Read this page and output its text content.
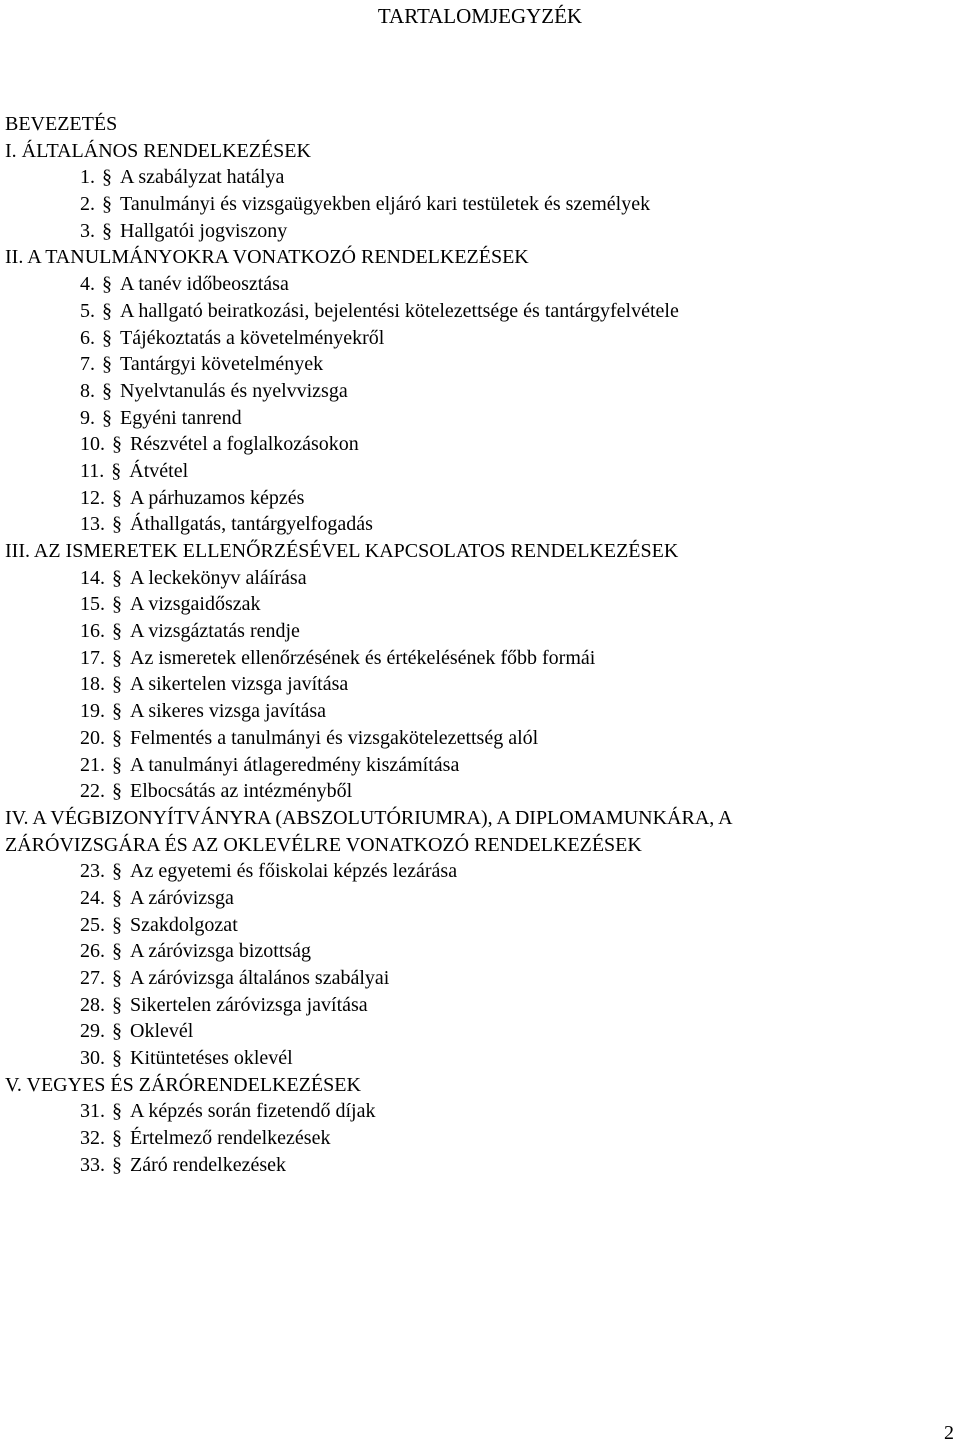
TARTALOMJEGYZÉK
BEVEZETÉS
I. ÁLTALÁNOS RENDELKEZÉSEK
1. § A szabályzat hatálya
2. § Tanulmányi és vizsgaügyekben eljáró kari testületek és személyek
3. § Hallgatói jogviszony
II. A TANULMÁNYOKRA VONATKOZÓ RENDELKEZÉSEK
4. § A tanév időbeosztása
5. § A hallgató beiratkozási, bejelentési kötelezettsége és tantárgyfelvétele
6. § Tájékoztatás a követelményekről
7. § Tantárgyi követelmények
8. § Nyelvtanulás és nyelvvizsga
9. § Egyéni tanrend
10. § Részvétel a foglalkozásokon
11. § Átvétel
12. § A párhuzamos képzés
13. § Áthallgatás, tantárgyelfogadás
III. AZ ISMERETEK ELLENŐRZÉSÉVEL KAPCSOLATOS RENDELKEZÉSEK
14. § A leckekönyv aláírása
15. § A vizsgaidőszak
16. § A vizsgáztatás rendje
17. § Az ismeretek ellenőrzésének és értékelésének főbb formái
18. § A sikertelen vizsga javítása
19. § A sikeres vizsga javítása
20. § Felmentés a tanulmányi és vizsgakötelezettség alól
21. § A tanulmányi átlageredmény kiszámítása
22. § Elbocsátás az intézményből
IV. A VÉGBIZONYÍTVÁNYRA (ABSZOLUTÓRIUMRA), A DIPLOMAMUNKÁRA, A
ZÁRÓVIZSGÁRA ÉS AZ OKLEVÉLRE VONATKOZÓ RENDELKEZÉSEK
23. § Az egyetemi és főiskolai képzés lezárása
24. § A záróvizsga
25. § Szakdolgozat
26. § A záróvizsga bizottság
27. § A záróvizsga általános szabályai
28. § Sikertelen záróvizsga javítása
29. § Oklevél
30. § Kitüntetéses oklevél
V. VEGYES ÉS ZÁRÓRENDELKEZÉSEK
31. § A képzés során fizetendő díjak
32. § Értelmező rendelkezések
33. § Záró rendelkezések
2
